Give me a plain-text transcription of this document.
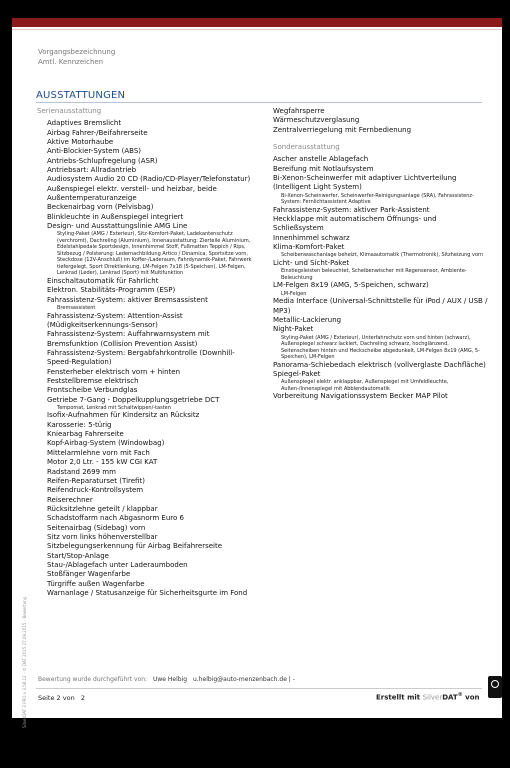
Vorgangsbezeichnung
Amtl. Kennzeichen
AUSSTATTUNGEN
Serienausstattung
Adaptives Bremslicht
Airbag Fahrer-/Beifahrerseite
Aktive Motorhaube
Anti-Blockier-System (ABS)
Antriebs-Schlupfregelung (ASR)
Antriebsart: Allradantrieb
Audiosystem Audio 20 CD (Radio/CD-Player/Telefonstatur)
Außenspiegel elektr. verstell- und heizbar, beide
Außentemperaturanzeige
Beckenairbag vorn (Pelvisbag)
Blinkleuchte in Außenspiegel integriert
Design- und Ausstattungslinie AMG Line
Styling-Paket (AMG / Exterieur), Sitz-Komfort-Paket, Ladekantenschutz (verchromt), Dachreling (Aluminium), Innenausstattung: Zierteile Aluminium, Edelstahlpedale Sportdesign, Innenhimmel Stoff, Fußmatten Teppich / Rips, Sitzbezug / Polsterung: Ledernachbildung Artico / Dinamica, Sportsitze vorn, Steckdose (12V-Anschluß) im Koffer-/Laderaum, Fahrdynamik-Paket, Fahrwerk tiefergelegt, Sport Direktlenkung, LM-Felgen 7x18 (5-Speichen), LM-Felgen, Lenkrad (Leder), Lenkrad (Sport) mit Multifunktion
Einschaltautomatik für Fahrlicht
Elektron. Stabilitäts-Programm (ESP)
Fahrassistenz-System: aktiver Bremsassistent
Bremsassistent
Fahrassistenz-System: Attention-Assist (Müdigkeitserkennungs-Sensor)
Fahrassistenz-System: Auffahrwarnsystem mit Bremsfunktion (Collision Prevention Assist)
Fahrassistenz-System: Bergabfahrkontrolle (Downhill-Speed-Regulation)
Fensterheber elektrisch vorn + hinten
Feststellbremse elektrisch
Frontscheibe Verbundglas
Getriebe 7-Gang - Doppelkupplungsgetriebe DCT
Tempomat, Lenkrad mit Schaltwippen/-tasten
Isofix-Aufnahmen für Kindersitz an Rücksitz
Karosserie: 5-türig
Kniearbag Fahrerseite
Kopf-Airbag-System (Windowbag)
Mittelarmlehne vorn mit Fach
Motor 2,0 Ltr. - 155 kW CGI KAT
Radstand 2699 mm
Reifen-Reparaturset (Tirefit)
Reifendruck-Kontrollsystem
Reiserechner
Rücksitzlehne geteilt / klappbar
Schadstoffarm nach Abgasnorm Euro 6
Seitenairbag (Sidebag) vorn
Sitz vorn links höhenverstellbar
Sitzbelegungserkennung für Airbag Beifahrerseite
Start/Stop-Anlage
Stau-/Ablagefach unter Laderaumboden
Stoßfänger Wagenfarbe
Türgriffe außen Wagenfarbe
Warnanlage / Statusanzeige für Sicherheitsgurte im Fond
Wegfahrsperre
Wärmeschutzverglasung
Zentralverriegelung mit Fernbedienung
Sonderausstattung
Ascher anstelle Ablagefach
Bereifung mit Notlaufsystem
Bi-Xenon-Scheinwerfer mit adaptiver Lichtverteilung (Intelligent Light System)
Bi-Xenon-Scheinwerfer, Scheinwerfer-Reinigungsanlage (SRA), Fahrassistenz-System: Fernlichtassistent Adaptive
Fahrassistenz-System: aktiver Park-Assistent
Heckklappe mit automatischem Öffnungs- und Schließsystem
Innenhimmel schwarz
Klima-Komfort-Paket
Scheibenwaschanlage beheizt, Klimaautomatik (Thermotronik), Sitzheizung vorn
Licht- und Sicht-Paket
Einstiegsleisten beleuchtet, Scheibenwischer mit Regensensor, Ambiente-Beleuchtung
LM-Felgen 8x19 (AMG, 5-Speichen, schwarz)
LM-Felgen
Media Interface (Universal-Schnittstelle für iPod / AUX / USB / MP3)
Metallic-Lackierung
Night-Paket
Styling-Paket (AMG / Exterieur), Unterfahrschutz vorn und hinten (schwarz), Außenspiegel schwarz lackiert, Dachreling schwarz, hochglänzend, Seitenscheiben hinten und Heckscheibe abgedunkelt, LM-Felgen 8x19 (AMG, 5-Speichen), LM-Felgen
Panorama-Schiebedach elektrisch (vollverglaste Dachfläche)
Spiegel-Paket
Außenspiegel elektr. anklappbar, Außenspiegel mit Umfeldleuchte, Außen-/Innenspiegel mit Abblendautomatik
Vorbereitung Navigationssystem Becker MAP Pilot
SilverDAT 3 PRO v 3.58.12 - © DAT 2015 27.09.2015 - Bewertung Bewertung wurde durchgeführt von: Uwe Helbig u.helbig@auto-menzenbach.de | -
Seite 2 von   2	Erstellt mit SilverDAT® von
